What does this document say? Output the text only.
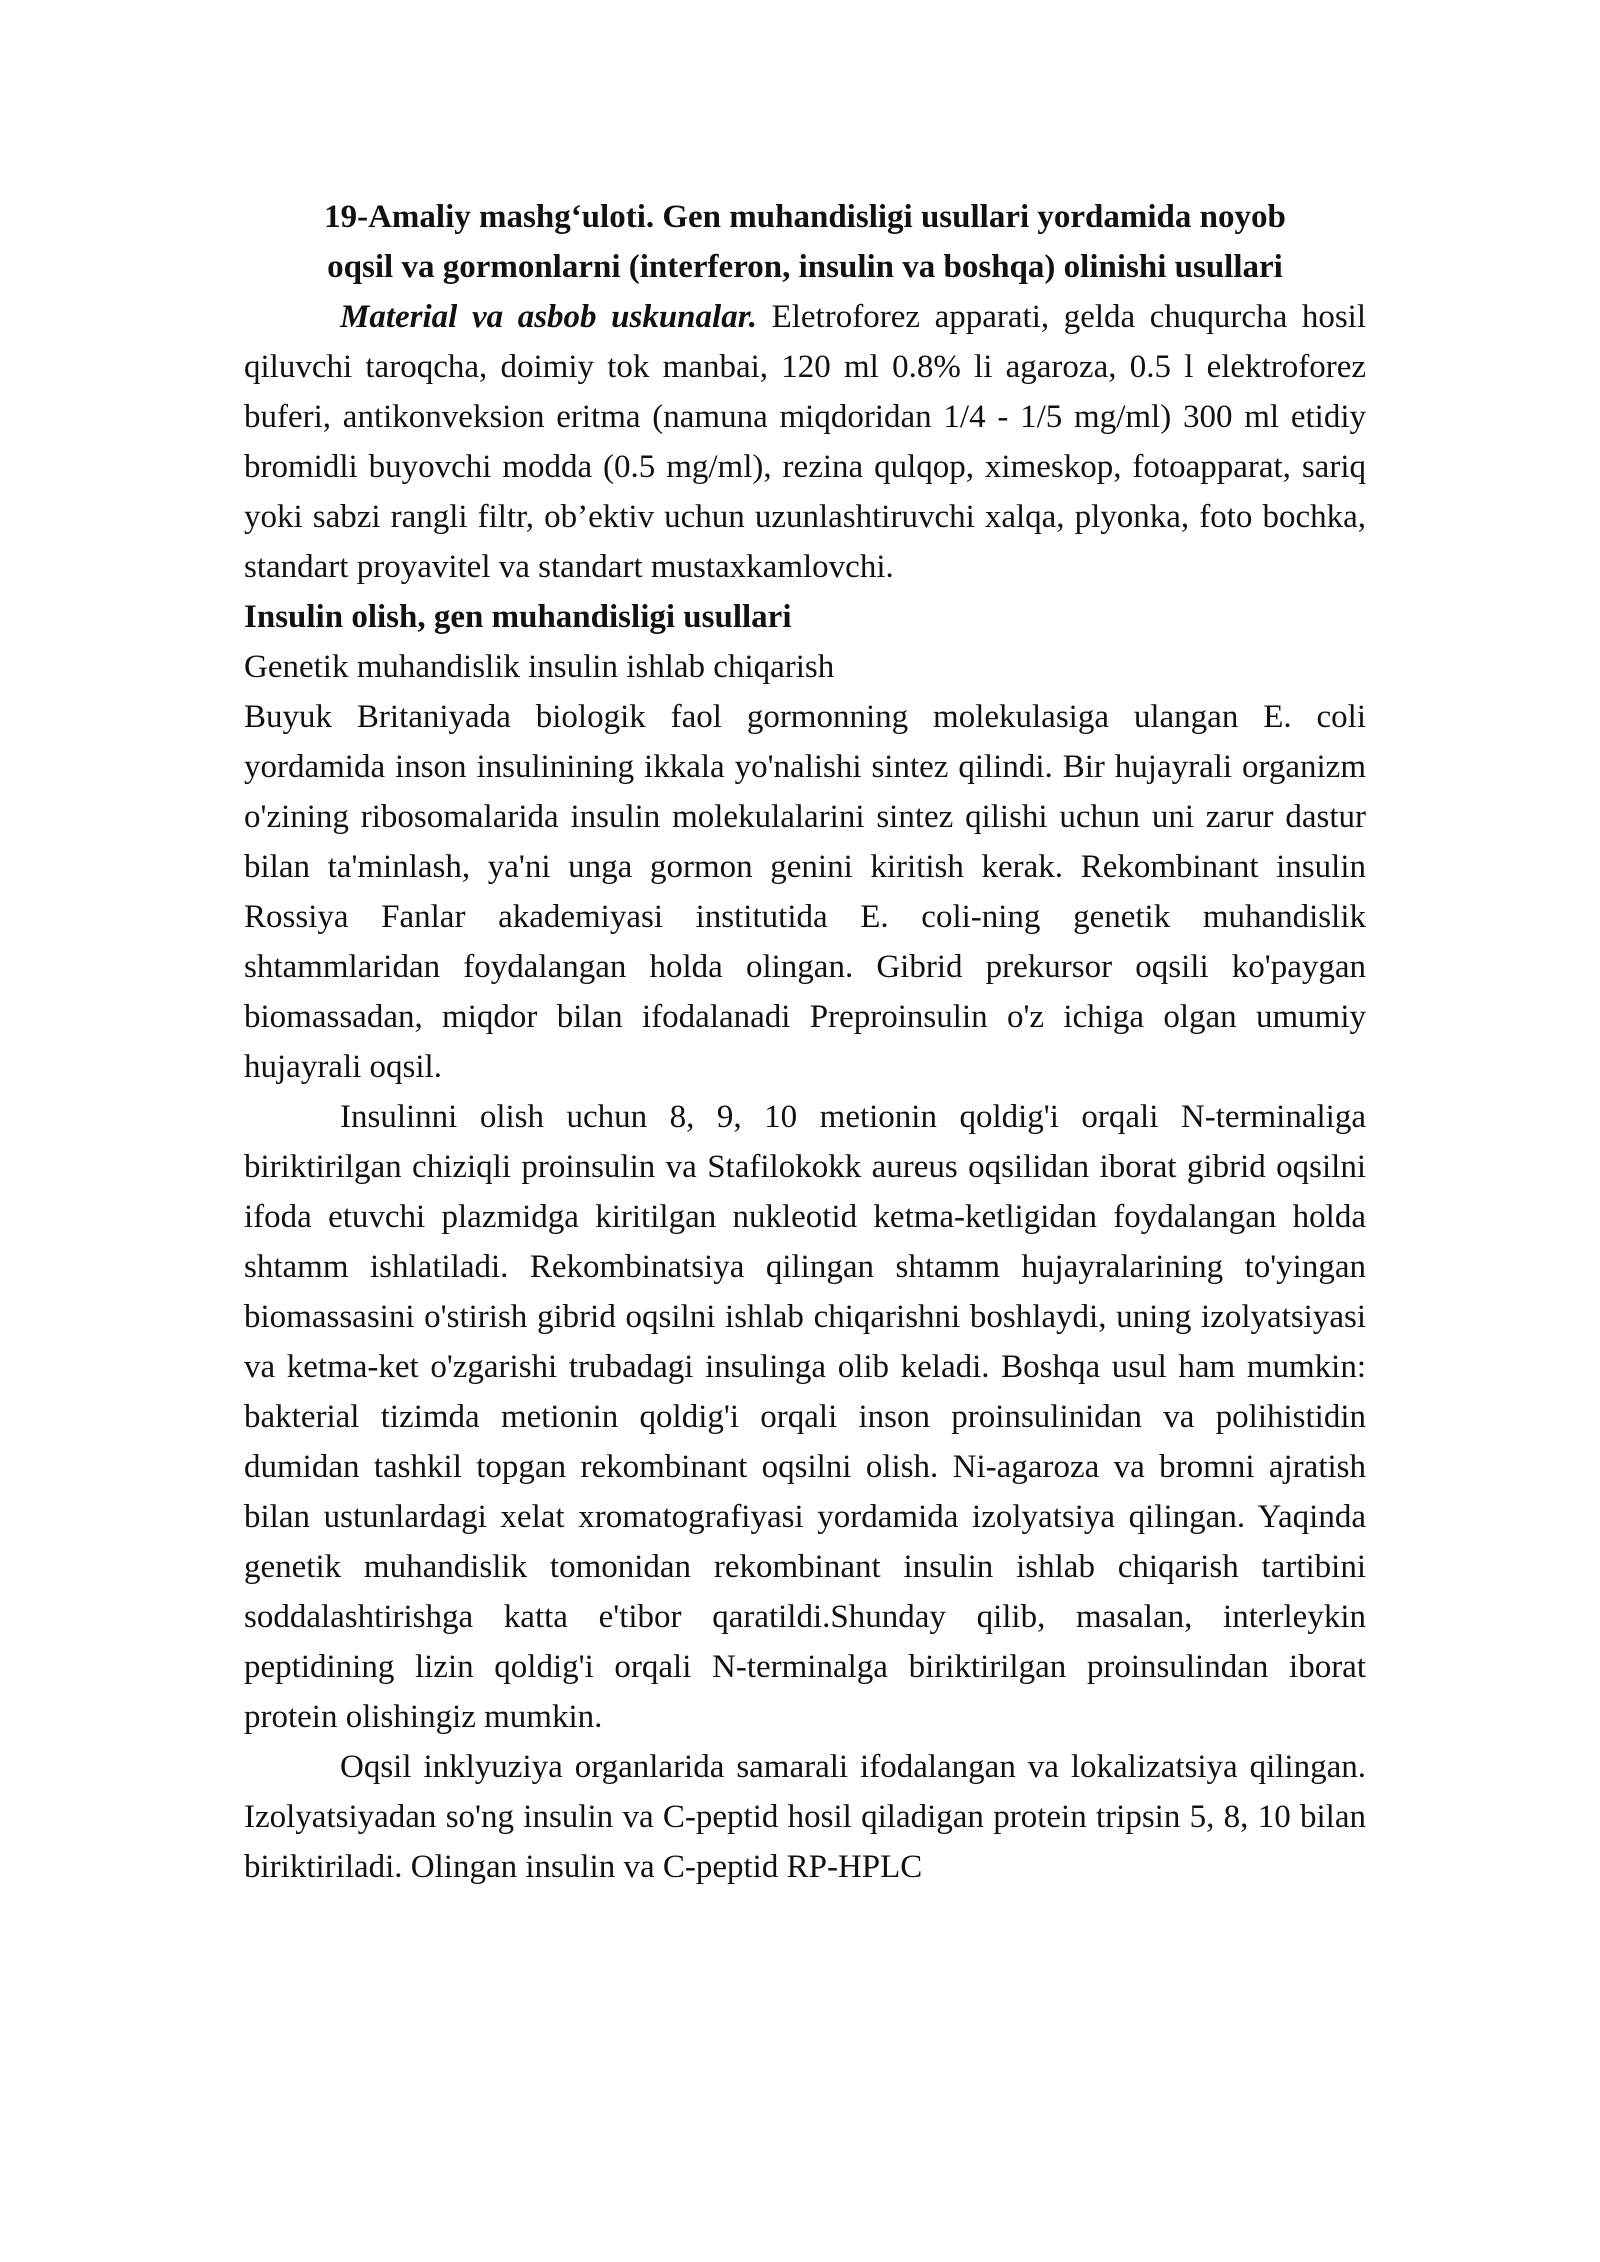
19-Amaliy mashg‘uloti. Gen muhandisligi usullari yordamida noyob
oqsil va gormonlarni (interferon, insulin va boshqa) olinishi usullari

Material va asbob uskunalar. Eletroforez apparati, gelda chuqurcha hosil qiluvchi taroqcha, doimiy tok manbai, 120 ml 0.8% li agaroza, 0.5 l elektroforez buferi, antikonveksion eritma (namuna miqdoridan 1/4 - 1/5 mg/ml) 300 ml etidiy bromidli buyovchi modda (0.5 mg/ml), rezina qulqop, ximeskop, fotoapparat, sariq yoki sabzi rangli filtr, ob’ektiv uchun uzunlashtiruvchi xalqa, plyonka, foto bochka, standart proyavitel va standart mustaxkamlovchi.

Insulin olish, gen muhandisligi usullari
Genetik muhandislik insulin ishlab chiqarish

Buyuk Britaniyada biologik faol gormonning molekulasiga ulangan E. coli yordamida inson insulinining ikkala yo'nalishi sintez qilindi. Bir hujayrali organizm o'zining ribosomalarida insulin molekulalarini sintez qilishi uchun uni zarur dastur bilan ta'minlash, ya'ni unga gormon genini kiritish kerak. Rekombinant insulin Rossiya Fanlar akademiyasi institutida E. coli-ning genetik muhandislik shtammlaridan foydalangan holda olingan. Gibrid prekursor oqsili ko'paygan biomassadan, miqdor bilan ifodalanadi Preproinsulin o'z ichiga olgan umumiy hujayrali oqsil.

Insulinni olish uchun 8, 9, 10 metionin qoldig'i orqali N-terminaliga biriktirilgan chiziqli proinsulin va Stafilokokk aureus oqsilidan iborat gibrid oqsilni ifoda etuvchi plazmidga kiritilgan nukleotid ketma-ketligidan foydalangan holda shtamm ishlatiladi. Rekombinatsiya qilingan shtamm hujayralarining to'yingan biomassasini o'stirish gibrid oqsilni ishlab chiqarishni boshlaydi, uning izolyatsiyasi va ketma-ket o'zgarishi trubadagi insulinga olib keladi. Boshqa usul ham mumkin: bakterial tizimda metionin qoldig'i orqali inson proinsulinidan va polihistidin dumidan tashkil topgan rekombinant oqsilni olish. Ni-agaroza va bromni ajratish bilan ustunlardagi xelat xromatografiyasi yordamida izolyatsiya qilingan. Yaqinda genetik muhandislik tomonidan rekombinant insulin ishlab chiqarish tartibini soddalashtirishga katta e'tibor qaratildi.Shunday qilib, masalan, interleykin peptidining lizin qoldig'i orqali N-terminalga biriktirilgan proinsulindan iborat protein olishingiz mumkin.

Oqsil inklyuziya organlarida samarali ifodalangan va lokalizatsiya qilingan. Izolyatsiyadan so'ng insulin va C-peptid hosil qiladigan protein tripsin 5, 8, 10 bilan biriktiriladi. Olingan insulin va C-peptid RP-HPLC
